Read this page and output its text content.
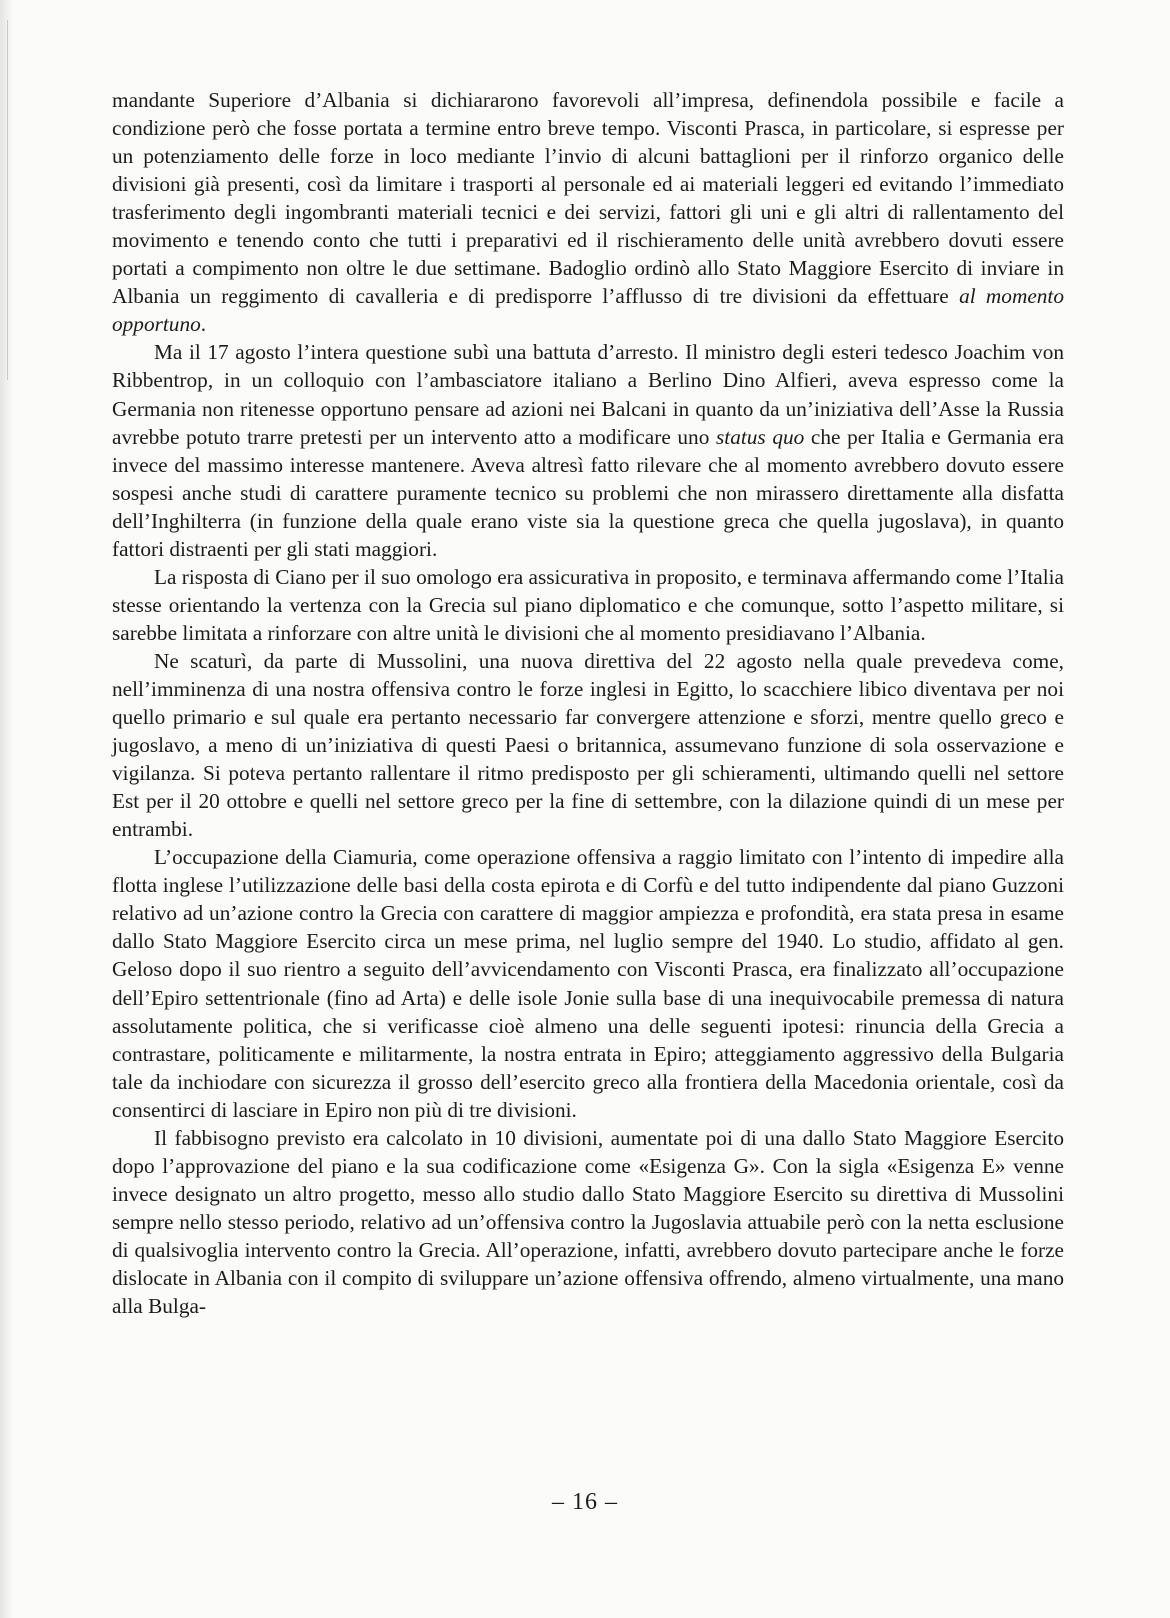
mandante Superiore d’Albania si dichiararono favorevoli all’impresa, definendola possibile e facile a condizione però che fosse portata a termine entro breve tempo. Visconti Prasca, in particolare, si espresse per un potenziamento delle forze in loco mediante l’invio di alcuni battaglioni per il rinforzo organico delle divisioni già presenti, così da limitare i trasporti al personale ed ai materiali leggeri ed evitando l’immediato trasferimento degli ingombranti materiali tecnici e dei servizi, fattori gli uni e gli altri di rallentamento del movimento e tenendo conto che tutti i preparativi ed il rischieramento delle unità avrebbero dovuti essere portati a compimento non oltre le due settimane. Badoglio ordinò allo Stato Maggiore Esercito di inviare in Albania un reggimento di cavalleria e di predisporre l’afflusso di tre divisioni da effettuare al momento opportuno.

Ma il 17 agosto l’intera questione subì una battuta d’arresto. Il ministro degli esteri tedesco Joachim von Ribbentrop, in un colloquio con l’ambasciatore italiano a Berlino Dino Alfieri, aveva espresso come la Germania non ritenesse opportuno pensare ad azioni nei Balcani in quanto da un’iniziativa dell’Asse la Russia avrebbe potuto trarre pretesti per un intervento atto a modificare uno status quo che per Italia e Germania era invece del massimo interesse mantenere. Aveva altresì fatto rilevare che al momento avrebbero dovuto essere sospesi anche studi di carattere puramente tecnico su problemi che non mirassero direttamente alla disfatta dell’Inghilterra (in funzione della quale erano viste sia la questione greca che quella jugoslava), in quanto fattori distraenti per gli stati maggiori.

La risposta di Ciano per il suo omologo era assicurativa in proposito, e terminava affermando come l’Italia stesse orientando la vertenza con la Grecia sul piano diplomatico e che comunque, sotto l’aspetto militare, si sarebbe limitata a rinforzare con altre unità le divisioni che al momento presidiavano l’Albania.

Ne scaturì, da parte di Mussolini, una nuova direttiva del 22 agosto nella quale prevedeva come, nell’imminenza di una nostra offensiva contro le forze inglesi in Egitto, lo scacchiere libico diventava per noi quello primario e sul quale era pertanto necessario far convergere attenzione e sforzi, mentre quello greco e jugoslavo, a meno di un’iniziativa di questi Paesi o britannica, assumevano funzione di sola osservazione e vigilanza. Si poteva pertanto rallentare il ritmo predisposto per gli schieramenti, ultimando quelli nel settore Est per il 20 ottobre e quelli nel settore greco per la fine di settembre, con la dilazione quindi di un mese per entrambi.

L’occupazione della Ciamuria, come operazione offensiva a raggio limitato con l’intento di impedire alla flotta inglese l’utilizzazione delle basi della costa epirota e di Corfù e del tutto indipendente dal piano Guzzoni relativo ad un’azione contro la Grecia con carattere di maggior ampiezza e profondità, era stata presa in esame dallo Stato Maggiore Esercito circa un mese prima, nel luglio sempre del 1940. Lo studio, affidato al gen. Geloso dopo il suo rientro a seguito dell’avvicendamento con Visconti Prasca, era finalizzato all’occupazione dell’Epiro settentrionale (fino ad Arta) e delle isole Jonie sulla base di una inequivocabile premessa di natura assolutamente politica, che si verificasse cioè almeno una delle seguenti ipotesi: rinuncia della Grecia a contrastare, politicamente e militarmente, la nostra entrata in Epiro; atteggiamento aggressivo della Bulgaria tale da inchiodare con sicurezza il grosso dell’esercito greco alla frontiera della Macedonia orientale, così da consentirci di lasciare in Epiro non più di tre divisioni.

Il fabbisogno previsto era calcolato in 10 divisioni, aumentate poi di una dallo Stato Maggiore Esercito dopo l’approvazione del piano e la sua codificazione come «Esigenza G». Con la sigla «Esigenza E» venne invece designato un altro progetto, messo allo studio dallo Stato Maggiore Esercito su direttiva di Mussolini sempre nello stesso periodo, relativo ad un’offensiva contro la Jugoslavia attuabile però con la netta esclusione di qualsivoglia intervento contro la Grecia. All’operazione, infatti, avrebbero dovuto partecipare anche le forze dislocate in Albania con il compito di sviluppare un’azione offensiva offrendo, almeno virtualmente, una mano alla Bulga-

– 16 –
